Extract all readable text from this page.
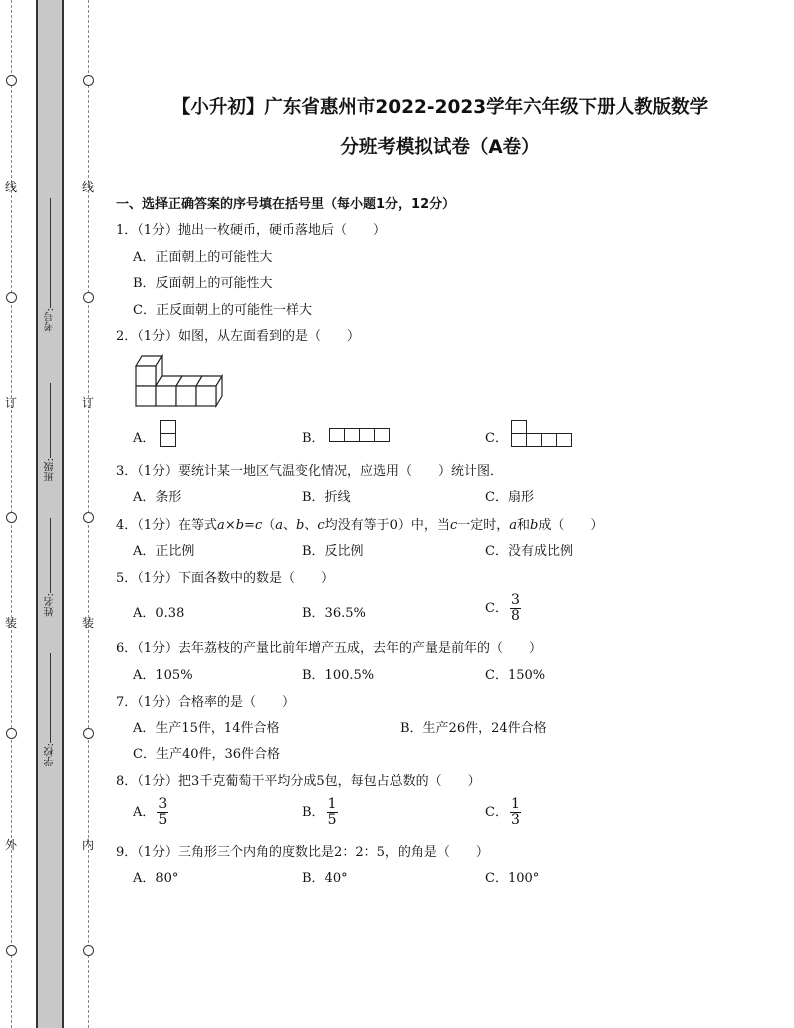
线
订
装
外
线
订
装
内
考号:
班级:
姓名:
学校:
【小升初】广东省惠州市2022-2023学年六年级下册人教版数学
分班考模拟试卷（A卷）
一、选择正确答案的序号填在括号里（每小题1分，12分）
1．（1分）抛出一枚硬币，硬币落地后（　　）
A．正面朝上的可能性大
B．反面朝上的可能性大
C．正反面朝上的可能性一样大
2．（1分）如图，从左面看到的是（　　）
A．	B．	C．
3．（1分）要统计某一地区气温变化情况，应选用（　　）统计图．
A．条形	B．折线	C．扇形
4．（1分）在等式a×b=c（a、b、c均没有等于0）中，当c一定时，a和b成（　　）
A．正比例	B．反比例	C．没有成比例
5．（1分）下面各数中的数是（　　）
A．0.38	B．36.5%	C． $\frac{3}{8}$
6．（1分）去年荔枝的产量比前年增产五成，去年的产量是前年的（　　）
A．105%	B．100.5%	C．150%
7．（1分）合格率的是（　　）
A．生产15件，14件合格	B．生产26件，24件合格
C．生产40件，36件合格
8．（1分）把3千克葡萄干平均分成5包，每包占总数的（　　）
A． $\frac{3}{5}$	B． $\frac{1}{5}$	C． $\frac{1}{3}$
9．（1分）三角形三个内角的度数比是2：2：5，的角是（　　）
A．80°	B．40°	C．100°
